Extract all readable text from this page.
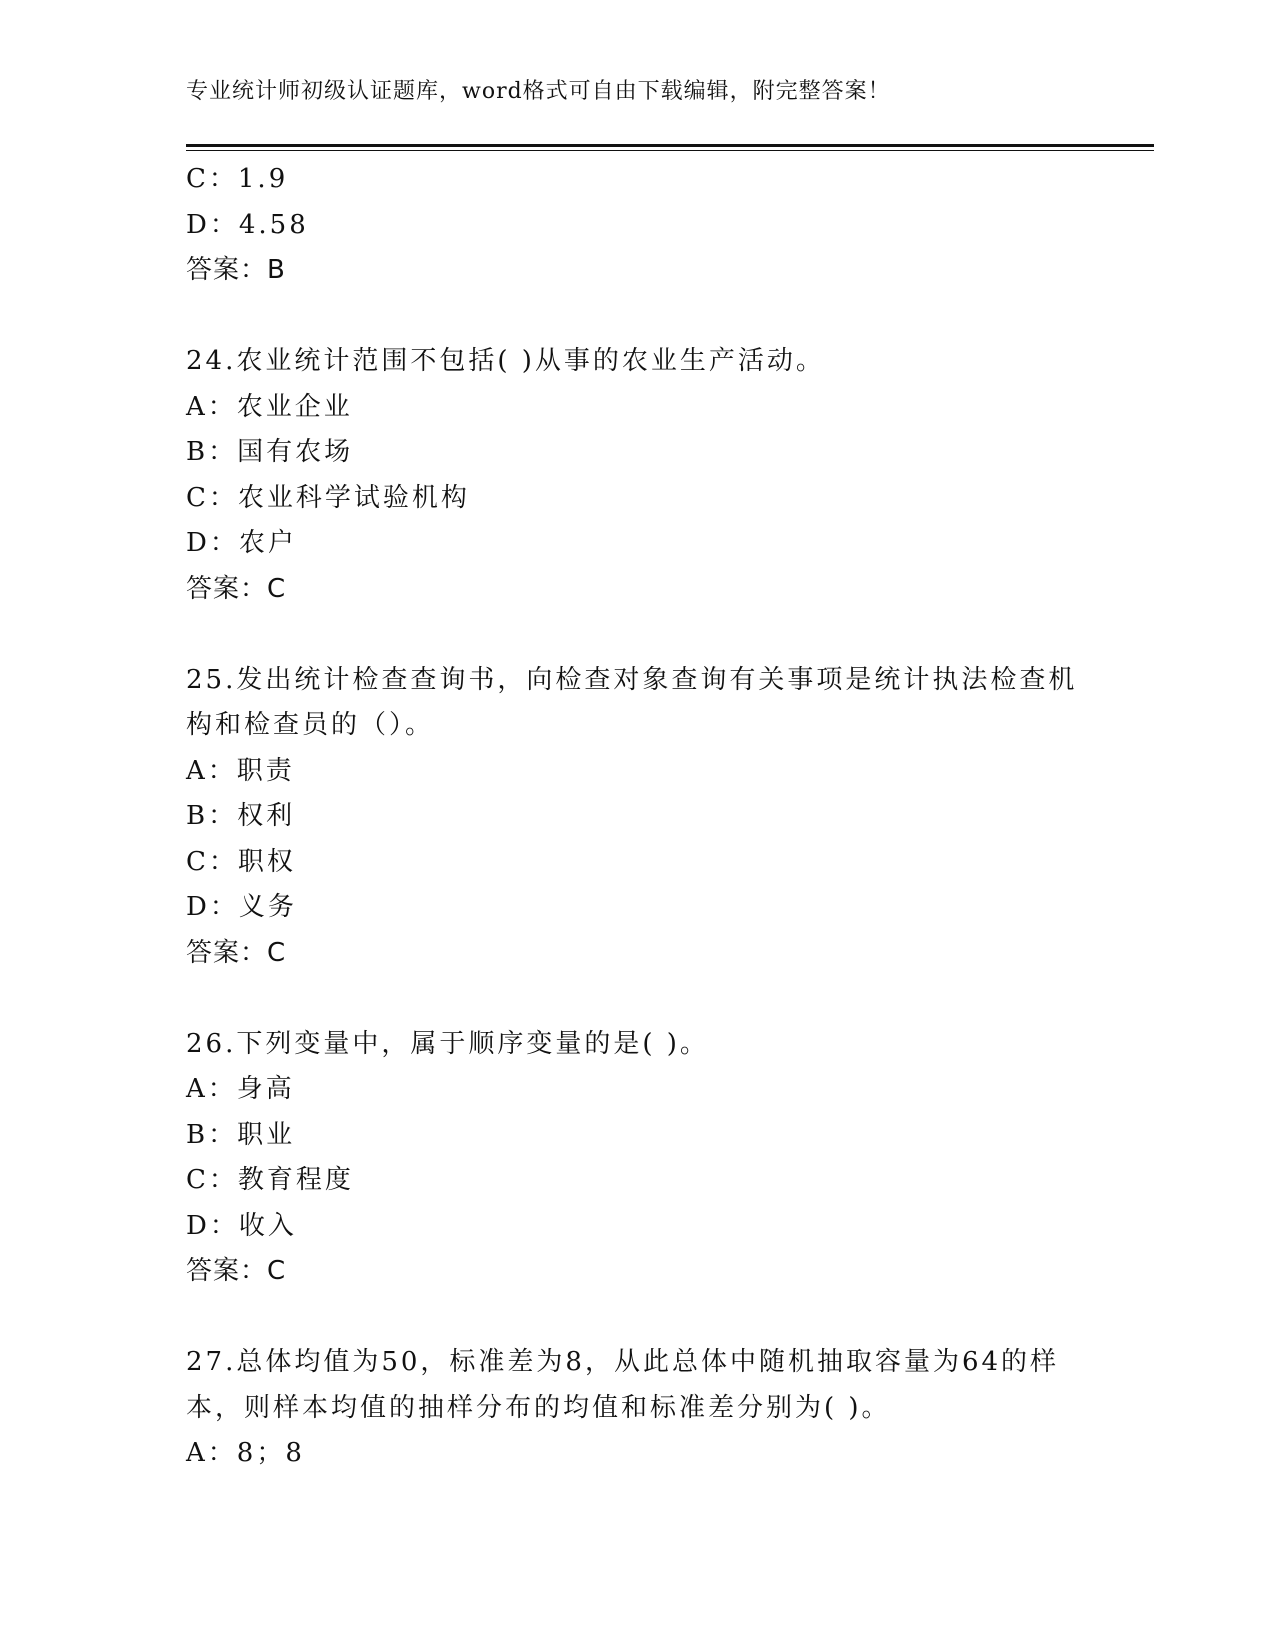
专业统计师初级认证题库，word格式可自由下载编辑，附完整答案！
C：1.9
D：4.58
答案：B
24.农业统计范围不包括( )从事的农业生产活动。
A：农业企业
B：国有农场
C：农业科学试验机构
D：农户
答案：C
25.发出统计检查查询书，向检查对象查询有关事项是统计执法检查机
构和检查员的（）。
A：职责
B：权利
C：职权
D：义务
答案：C
26.下列变量中，属于顺序变量的是( )。
A：身高
B：职业
C：教育程度
D：收入
答案：C
27.总体均值为50，标准差为8，从此总体中随机抽取容量为64的样
本，则样本均值的抽样分布的均值和标准差分别为( )。
A：8；8
